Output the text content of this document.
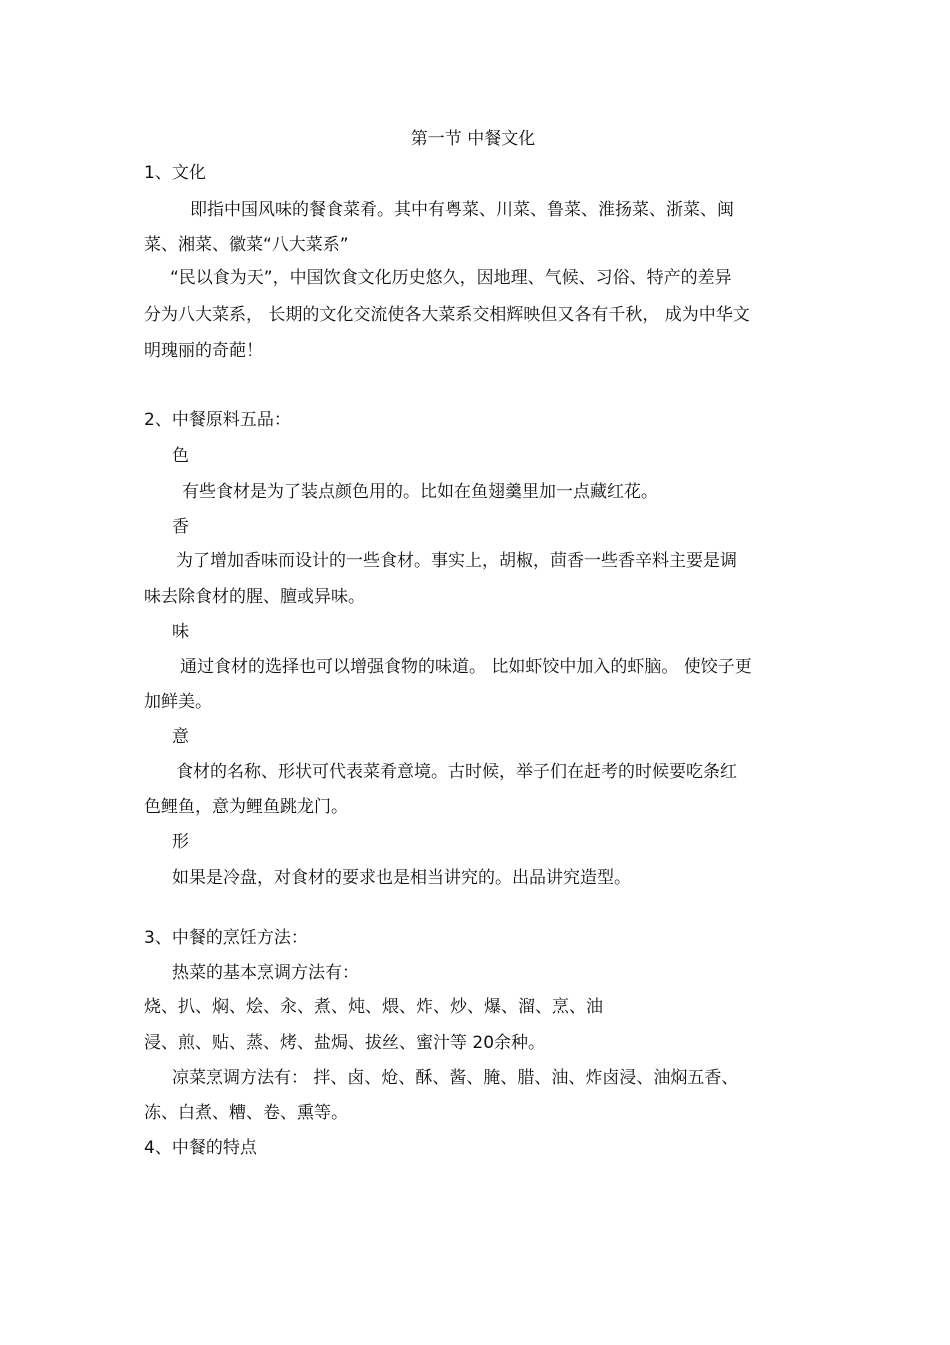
第一节 中餐文化
1、文化
即指中国风味的餐食菜肴。其中有粤菜、川菜、鲁菜、淮扬菜、浙菜、闽
菜、湘菜、徽菜“八大菜系”
“民以食为天”，中国饮食文化历史悠久，因地理、气候、习俗、特产的差异
分为八大菜系， 长期的文化交流使各大菜系交相辉映但又各有千秋， 成为中华文
明瑰丽的奇葩！
2、中餐原料五品：
色
有些食材是为了装点颜色用的。比如在鱼翅羹里加一点藏红花。
香
为了增加香味而设计的一些食材。事实上，胡椒，茴香一些香辛料主要是调
味去除食材的腥、膻或异味。
味
通过食材的选择也可以增强食物的味道。 比如虾饺中加入的虾脑。 使饺子更
加鲜美。
意
食材的名称、形状可代表菜肴意境。古时候，举子们在赶考的时候要吃条红
色鲤鱼，意为鲤鱼跳龙门。
形
如果是冷盘，对食材的要求也是相当讲究的。出品讲究造型。
3、中餐的烹饪方法：
热菜的基本烹调方法有：
烧、扒、焖、烩、汆、煮、炖、煨、炸、炒、爆、溜、烹、油
浸、煎、贴、蒸、烤、盐焗、拔丝、蜜汁等 20余种。
凉菜烹调方法有： 拌、卤、炝、酥、酱、腌、腊、油、炸卤浸、油焖五香、
冻、白煮、糟、卷、熏等。
4、中餐的特点
